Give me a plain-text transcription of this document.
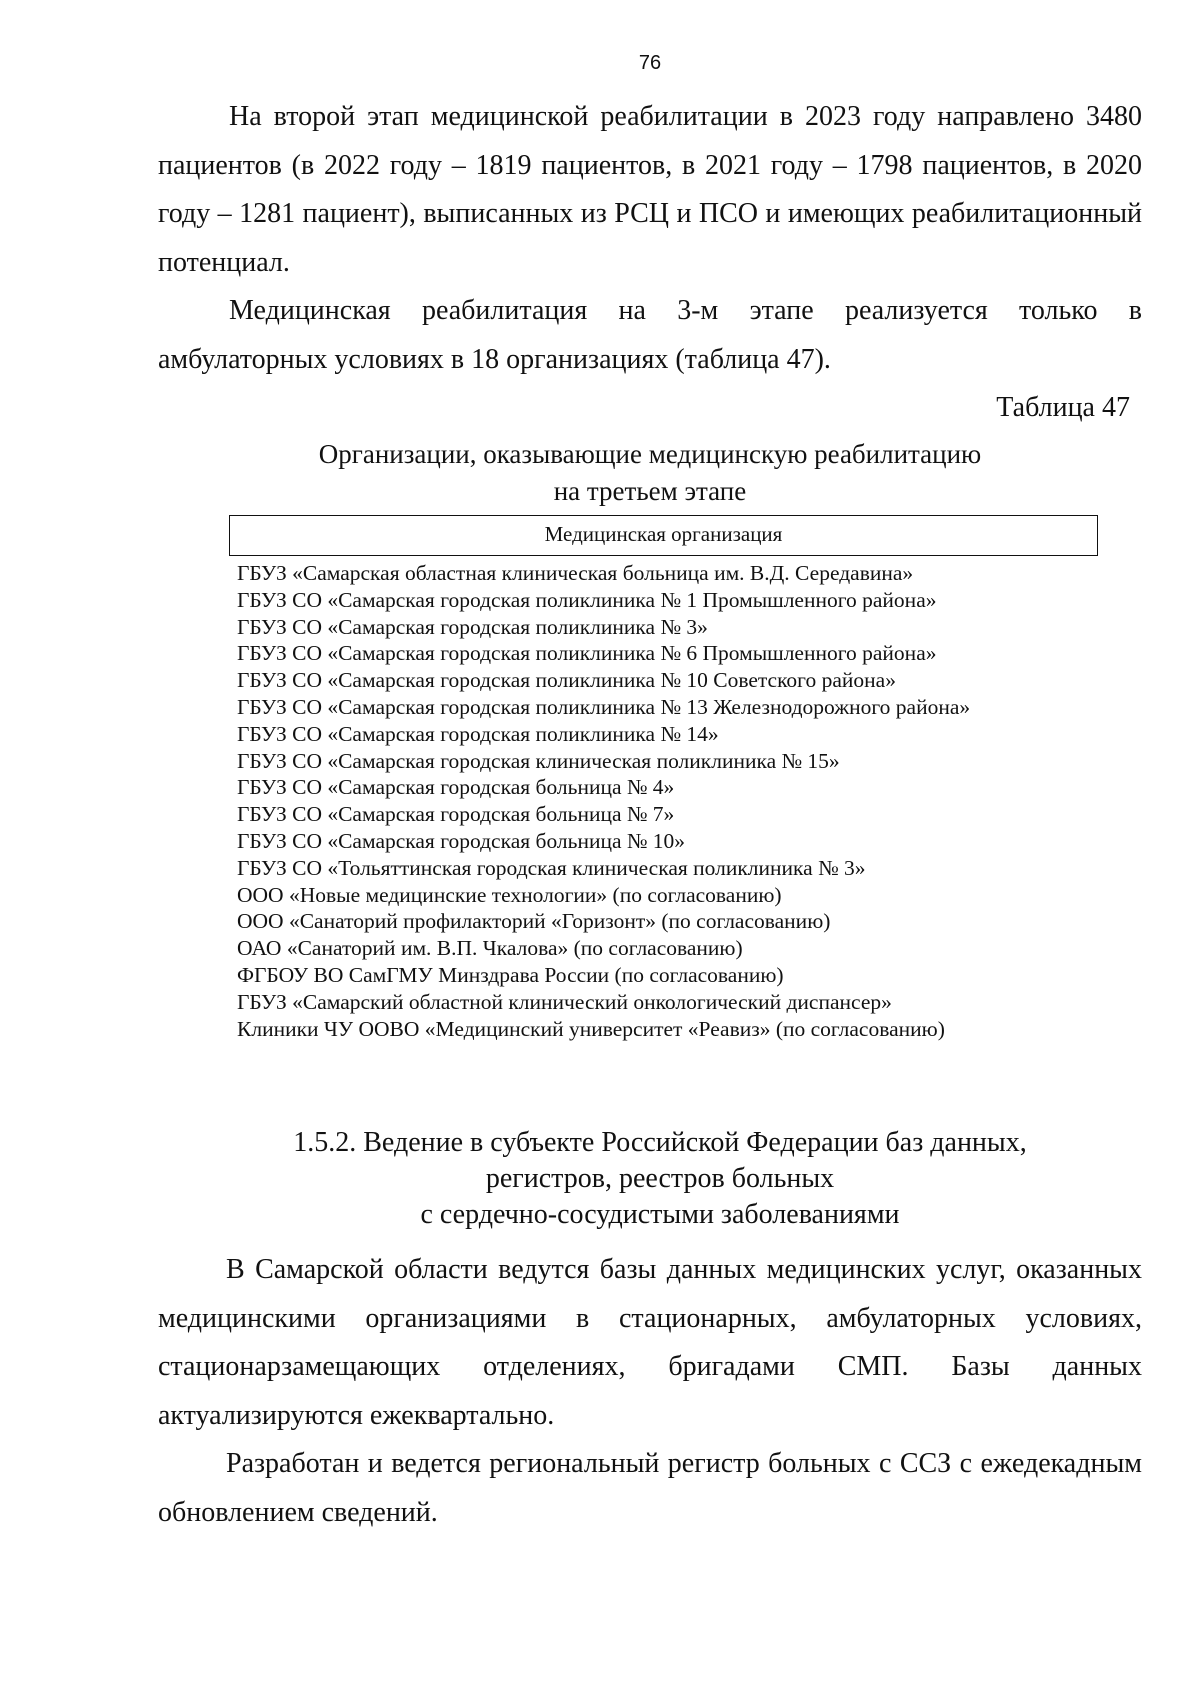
76

На второй этап медицинской реабилитации в 2023 году направлено 3480 пациентов (в 2022 году – 1819 пациентов, в 2021 году – 1798 пациентов, в 2020 году – 1281 пациент), выписанных из РСЦ и ПСО и имеющих реабилитационный потенциал.

Медицинская реабилитация на 3-м этапе реализуется только в амбулаторных условиях в 18 организациях (таблица 47).

Таблица 47
Организации, оказывающие медицинскую реабилитацию
на третьем этапе
Медицинская организация
ГБУЗ «Самарская областная клиническая больница им. В.Д. Середавина»
ГБУЗ СО «Самарская городская поликлиника № 1 Промышленного района»
ГБУЗ СО «Самарская городская поликлиника № 3»
ГБУЗ СО «Самарская городская поликлиника № 6 Промышленного района»
ГБУЗ СО «Самарская городская поликлиника № 10 Советского района»
ГБУЗ СО «Самарская городская поликлиника № 13 Железнодорожного района»
ГБУЗ СО «Самарская городская поликлиника № 14»
ГБУЗ СО «Самарская городская клиническая поликлиника № 15»
ГБУЗ СО «Самарская городская больница № 4»
ГБУЗ СО «Самарская городская больница № 7»
ГБУЗ СО «Самарская городская больница № 10»
ГБУЗ СО «Тольяттинская городская клиническая поликлиника № 3»
ООО «Новые медицинские технологии» (по согласованию)
ООО «Санаторий профилакторий «Горизонт» (по согласованию)
ОАО «Санаторий им. В.П. Чкалова» (по согласованию)
ФГБОУ ВО СамГМУ Минздрава России (по согласованию)
ГБУЗ «Самарский областной клинический онкологический диспансер»
Клиники ЧУ ООВО «Медицинский университет «Реавиз» (по согласованию)
1.5.2. Ведение в субъекте Российской Федерации баз данных,
регистров, реестров больных
с сердечно-сосудистыми заболеваниями

В Самарской области ведутся базы данных медицинских услуг, оказанных медицинскими организациями в стационарных, амбулаторных условиях, стационарзамещающих отделениях, бригадами СМП. Базы данных актуализируются ежеквартально.

Разработан и ведется региональный регистр больных с ССЗ с ежедекадным обновлением сведений.
